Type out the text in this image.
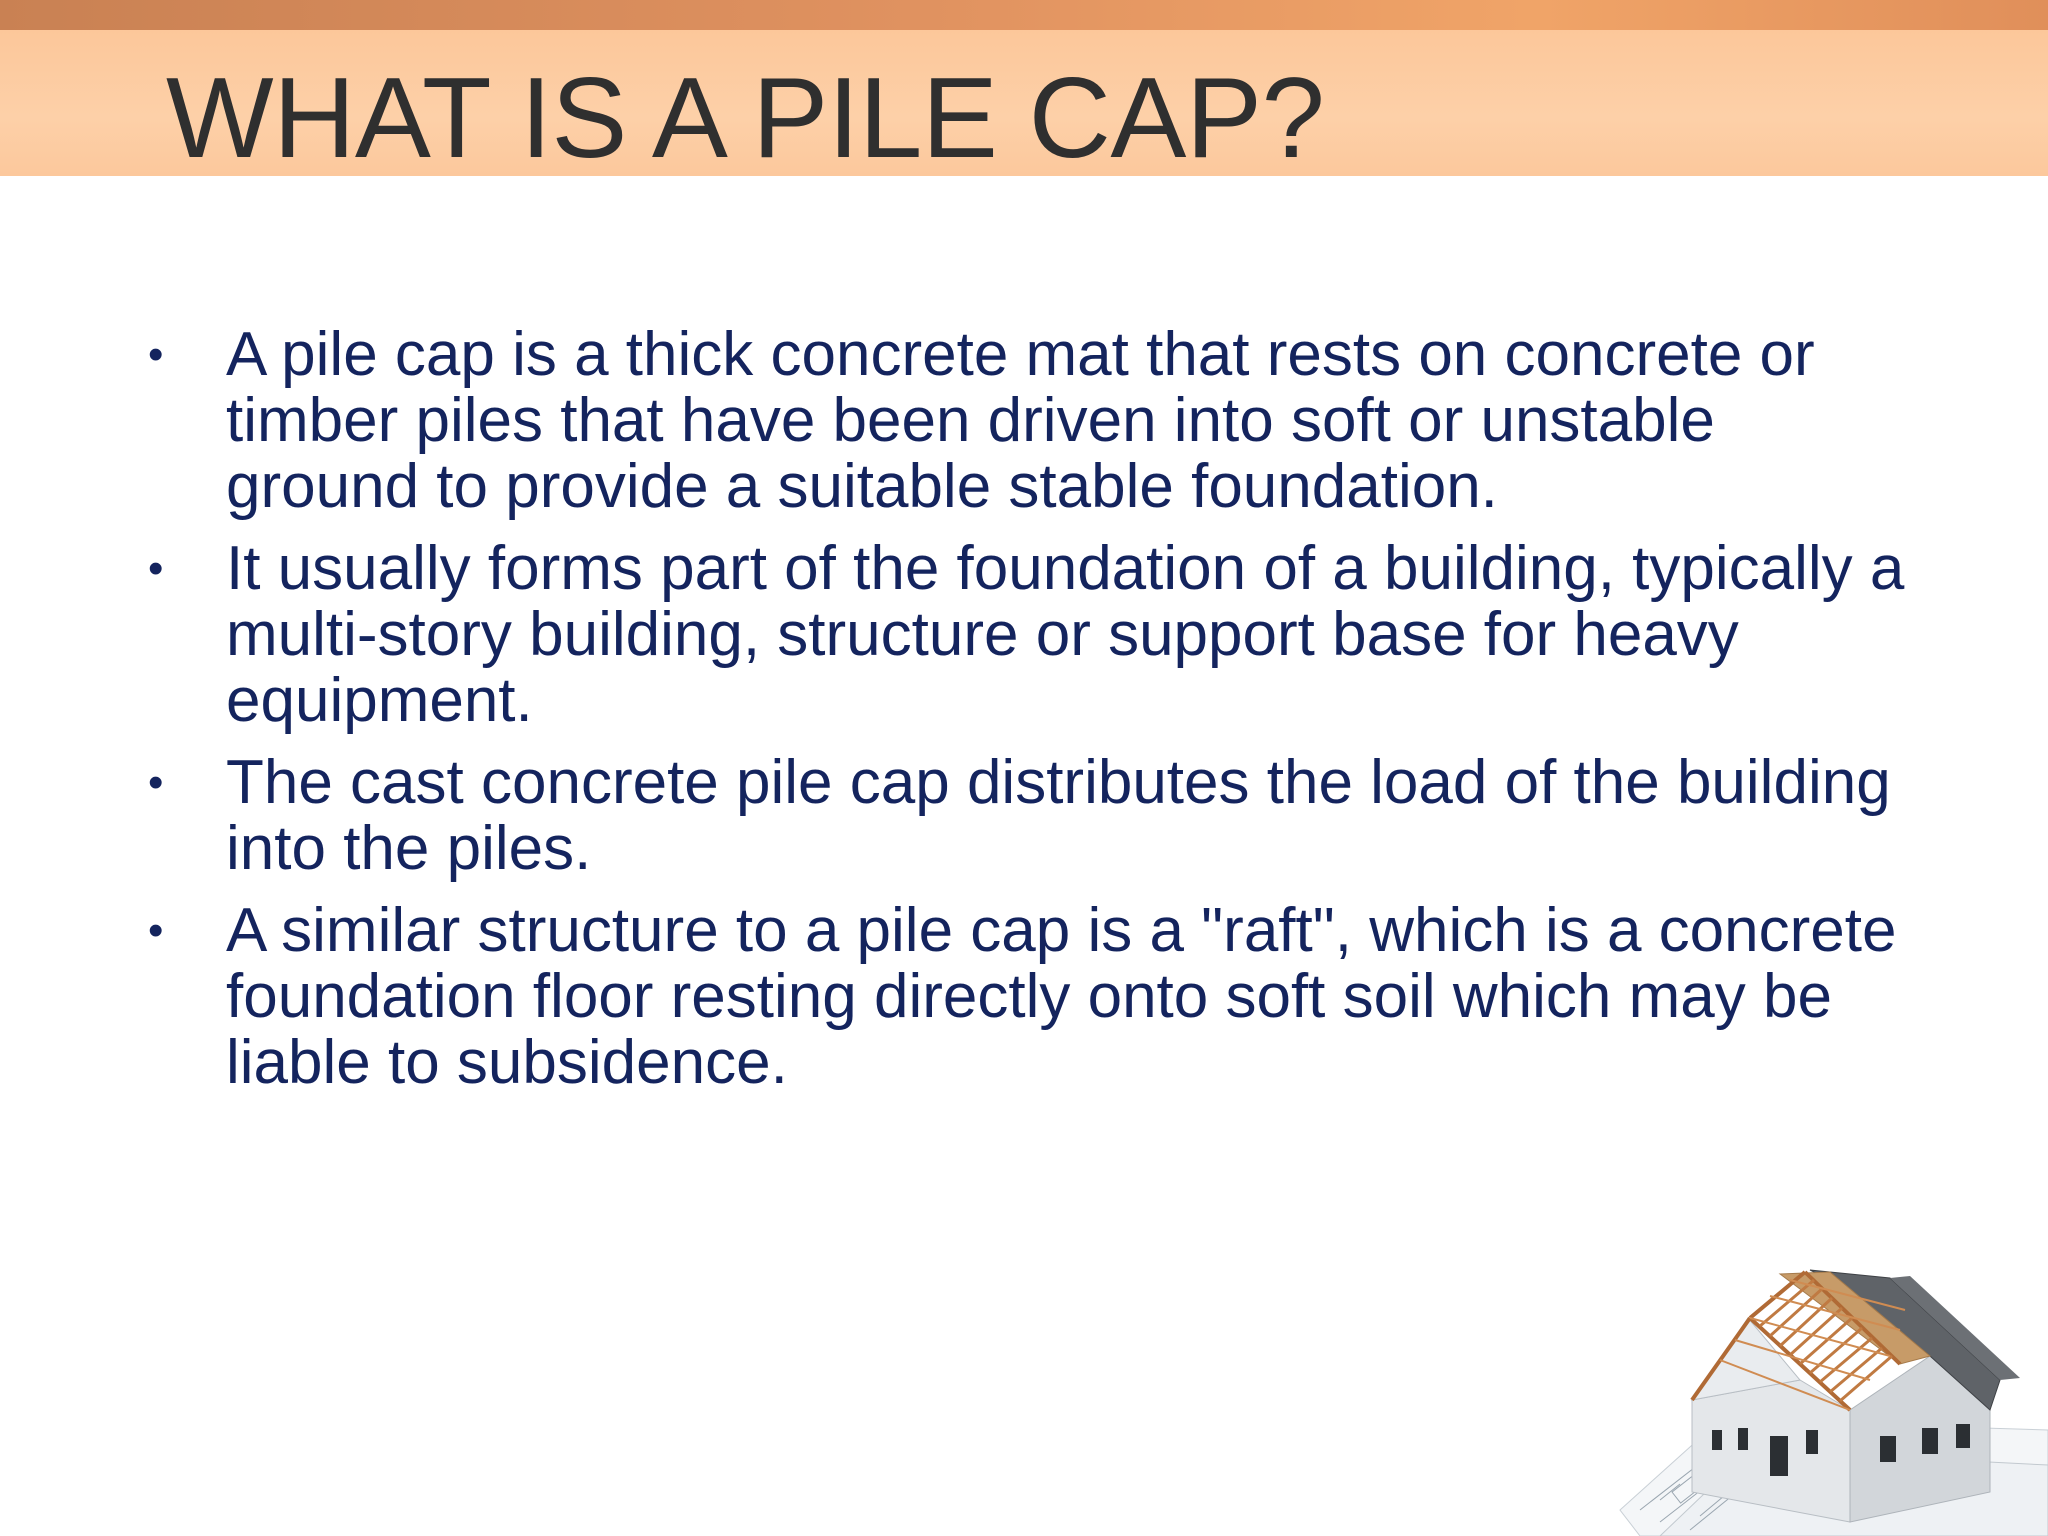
WHAT IS A PILE CAP?
• A pile cap is a thick concrete mat that rests on concrete or timber piles that have been driven into soft or unstable ground to provide a suitable stable foundation.
• It usually forms part of the foundation of a building, typically a multi-story building, structure or support base for heavy equipment.
• The cast concrete pile cap distributes the load of the building into the piles.
• A similar structure to a pile cap is a "raft", which is a concrete foundation floor resting directly onto soft soil which may be liable to subsidence.
